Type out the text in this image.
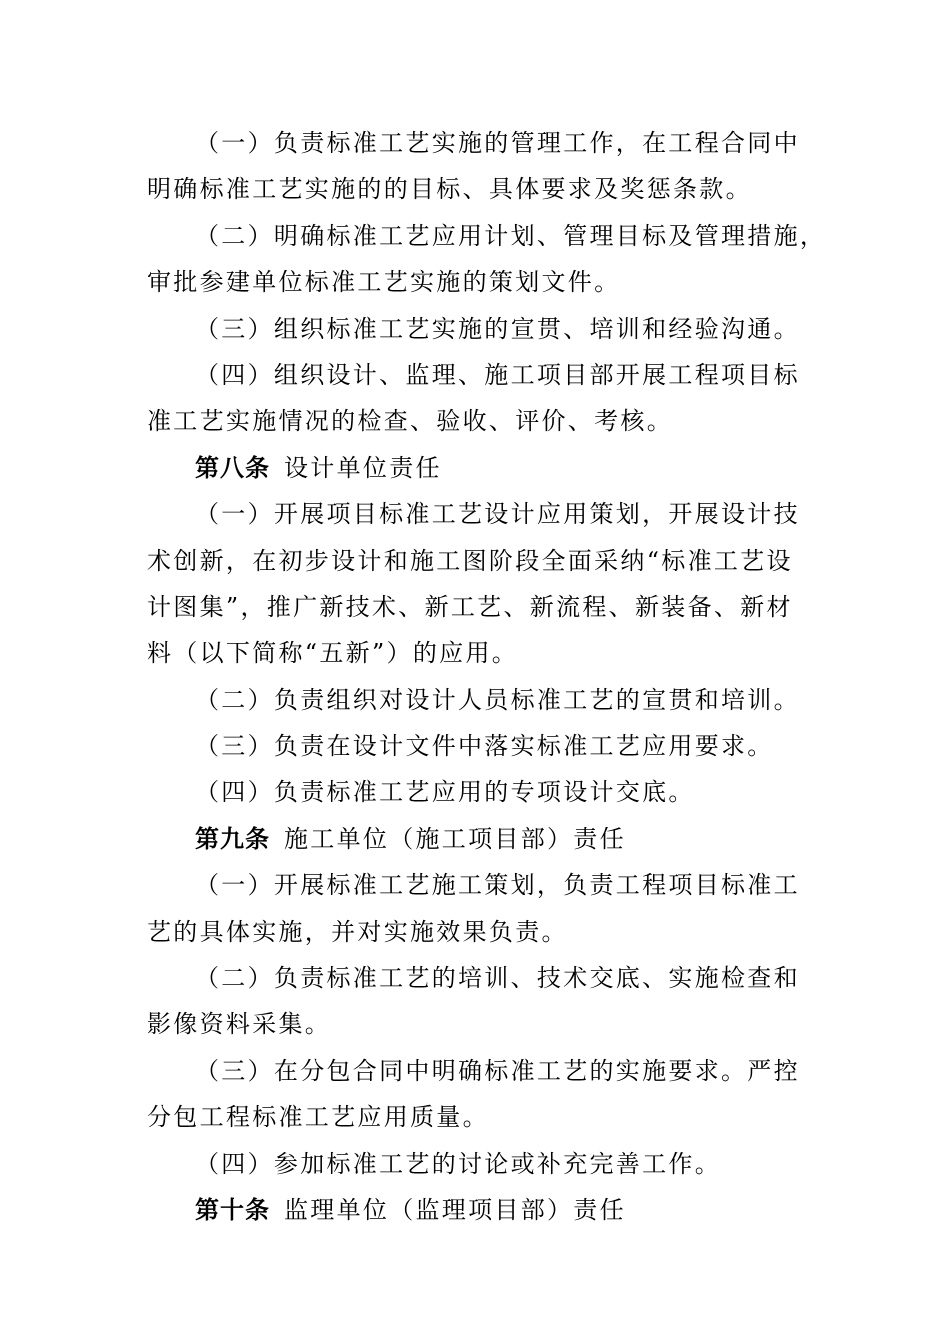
（一）负责标准工艺实施的管理工作，在工程合同中
明确标准工艺实施的的目标、具体要求及奖惩条款。
（二）明确标准工艺应用计划、管理目标及管理措施，
审批参建单位标准工艺实施的策划文件。
（三）组织标准工艺实施的宣贯、培训和经验沟通。
（四）组织设计、监理、施工项目部开展工程项目标
准工艺实施情况的检查、验收、评价、考核。
第八条 设计单位责任
（一）开展项目标准工艺设计应用策划，开展设计技
术创新，在初步设计和施工图阶段全面采纳“标准工艺设
计图集”，推广新技术、新工艺、新流程、新装备、新材
料（以下简称“五新”）的应用。
（二）负责组织对设计人员标准工艺的宣贯和培训。
（三）负责在设计文件中落实标准工艺应用要求。
（四）负责标准工艺应用的专项设计交底。
第九条 施工单位（施工项目部）责任
（一）开展标准工艺施工策划，负责工程项目标准工
艺的具体实施，并对实施效果负责。
（二）负责标准工艺的培训、技术交底、实施检查和
影像资料采集。
（三）在分包合同中明确标准工艺的实施要求。严控
分包工程标准工艺应用质量。
（四）参加标准工艺的讨论或补充完善工作。
第十条 监理单位（监理项目部）责任
